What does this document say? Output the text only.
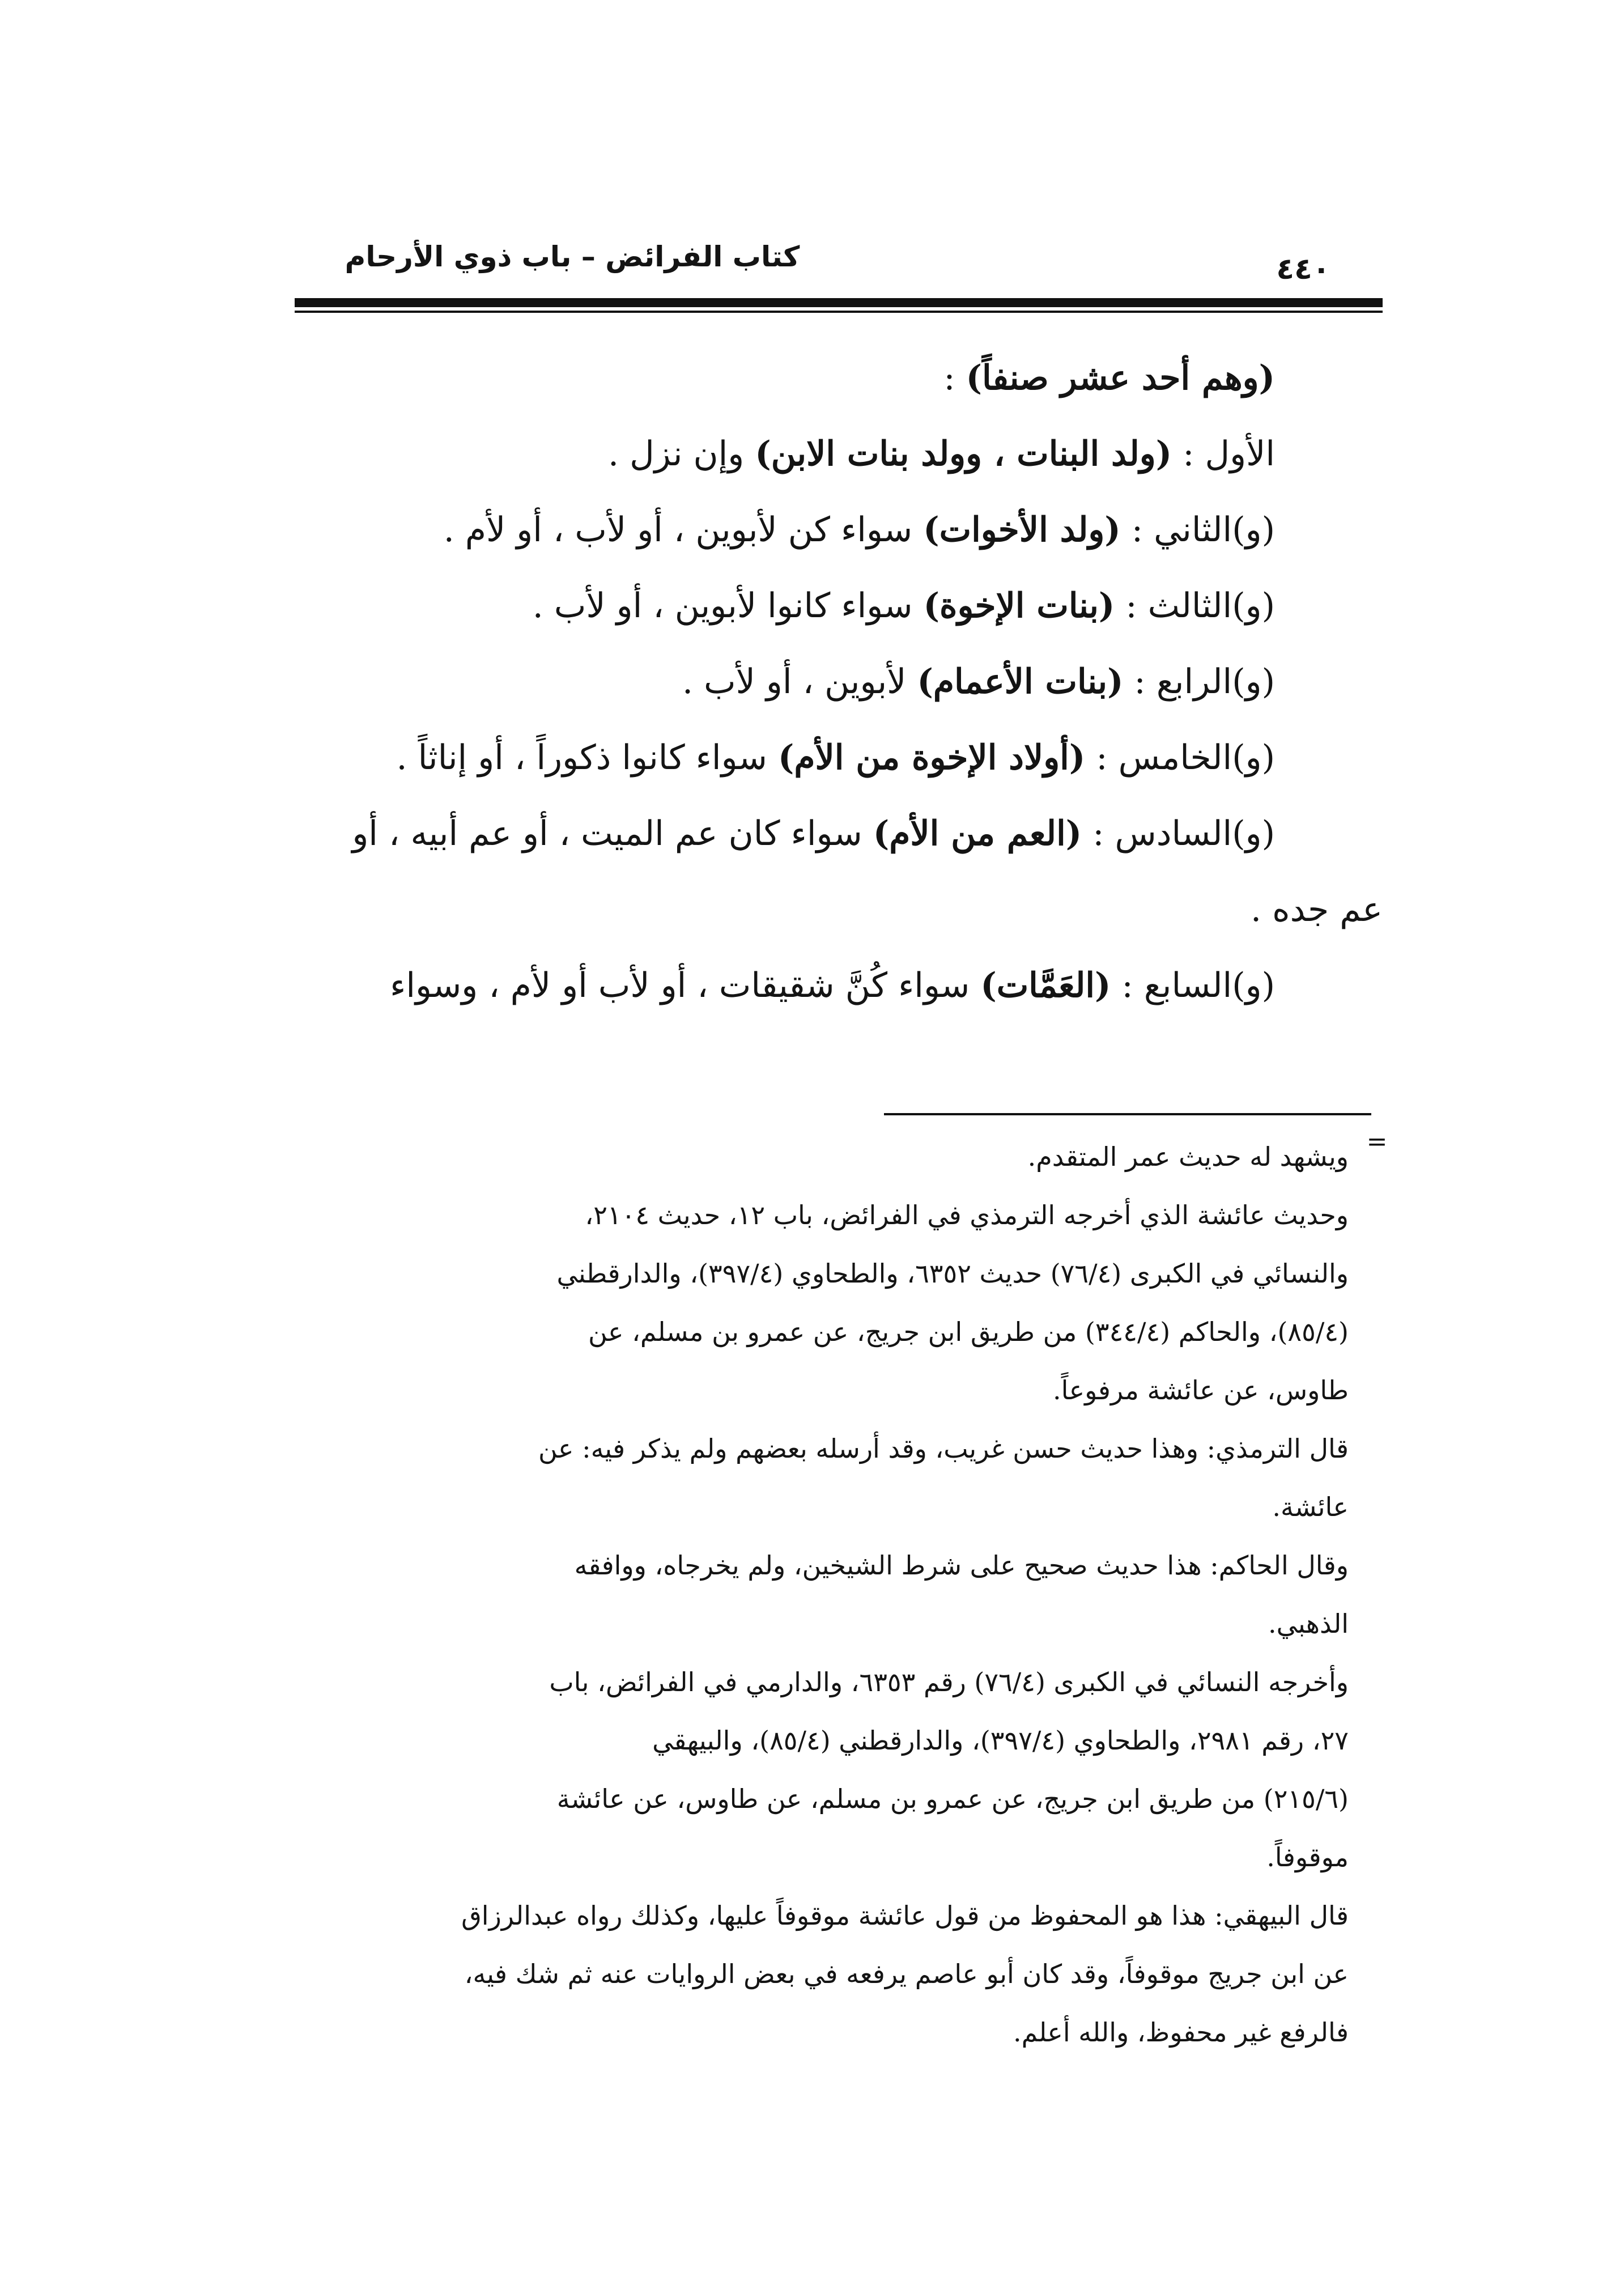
كتاب الفرائض – باب ذوي الأرحام	٤٤٠
(وهم أحد عشر صنفاً) :
الأول : (ولد البنات ، وولد بنات الابن) وإن نزل .
(و)الثاني : (ولد الأخوات) سواء كن لأبوين ، أو لأب ، أو لأم .
(و)الثالث : (بنات الإخوة) سواء كانوا لأبوين ، أو لأب .
(و)الرابع : (بنات الأعمام) لأبوين ، أو لأب .
(و)الخامس : (أولاد الإخوة من الأم) سواء كانوا ذكوراً ، أو إناثاً .
(و)السادس : (العم من الأم) سواء كان عم الميت ، أو عم أبيه ، أو
عم جده .
(و)السابع : (العَمَّات) سواء كُنَّ شقيقات ، أو لأب أو لأم ، وسواء
=
ويشهد له حديث عمر المتقدم.
وحديث عائشة الذي أخرجه الترمذي في الفرائض، باب ١٢، حديث ٢١٠٤،
والنسائي في الكبرى (٧٦/٤) حديث ٦٣٥٢، والطحاوي (٣٩٧/٤)، والدارقطني
(٨٥/٤)، والحاكم (٣٤٤/٤) من طريق ابن جريج، عن عمرو بن مسلم، عن
طاوس، عن عائشة مرفوعاً.
قال الترمذي: وهذا حديث حسن غريب، وقد أرسله بعضهم ولم يذكر فيه: عن
عائشة.
وقال الحاكم: هذا حديث صحيح على شرط الشيخين، ولم يخرجاه، ووافقه
الذهبي.
وأخرجه النسائي في الكبرى (٧٦/٤) رقم ٦٣٥٣، والدارمي في الفرائض، باب
٢٧، رقم ٢٩٨١، والطحاوي (٣٩٧/٤)، والدارقطني (٨٥/٤)، والبيهقي
(٢١٥/٦) من طريق ابن جريج، عن عمرو بن مسلم، عن طاوس، عن عائشة
موقوفاً.
قال البيهقي: هذا هو المحفوظ من قول عائشة موقوفاً عليها، وكذلك رواه عبدالرزاق
عن ابن جريج موقوفاً، وقد كان أبو عاصم يرفعه في بعض الروايات عنه ثم شك فيه،
فالرفع غير محفوظ، والله أعلم.
